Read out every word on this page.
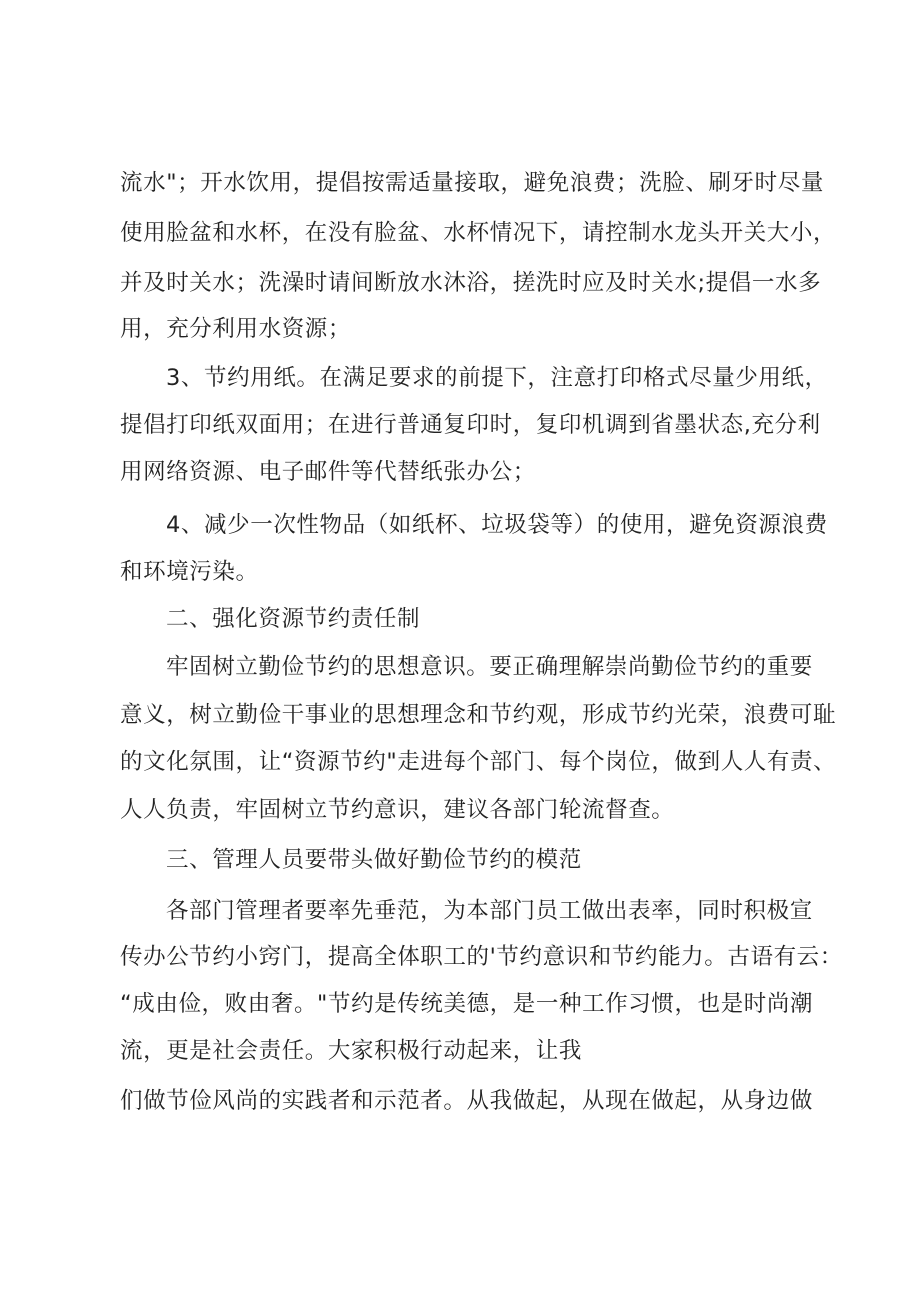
流水"；开水饮用，提倡按需适量接取，避免浪费；洗脸、刷牙时尽量
使用脸盆和水杯，在没有脸盆、水杯情况下，请控制水龙头开关大小，
并及时关水；洗澡时请间断放水沐浴，搓洗时应及时关水;提倡一水多
用，充分利用水资源；
3、节约用纸。在满足要求的前提下，注意打印格式尽量少用纸，
提倡打印纸双面用；在进行普通复印时，复印机调到省墨状态,充分利
用网络资源、电子邮件等代替纸张办公；
4、减少一次性物品（如纸杯、垃圾袋等）的使用，避免资源浪费
和环境污染。
二、强化资源节约责任制
牢固树立勤俭节约的思想意识。要正确理解崇尚勤俭节约的重要
意义，树立勤俭干事业的思想理念和节约观，形成节约光荣，浪费可耻
的文化氛围，让“资源节约"走进每个部门、每个岗位，做到人人有责、
人人负责，牢固树立节约意识，建议各部门轮流督查。
三、管理人员要带头做好勤俭节约的模范
各部门管理者要率先垂范，为本部门员工做出表率，同时积极宣
传办公节约小窍门，提高全体职工的'节约意识和节约能力。古语有云：
“成由俭，败由奢。"节约是传统美德，是一种工作习惯，也是时尚潮
流，更是社会责任。大家积极行动起来，让我
们做节俭风尚的实践者和示范者。从我做起，从现在做起，从身边做
